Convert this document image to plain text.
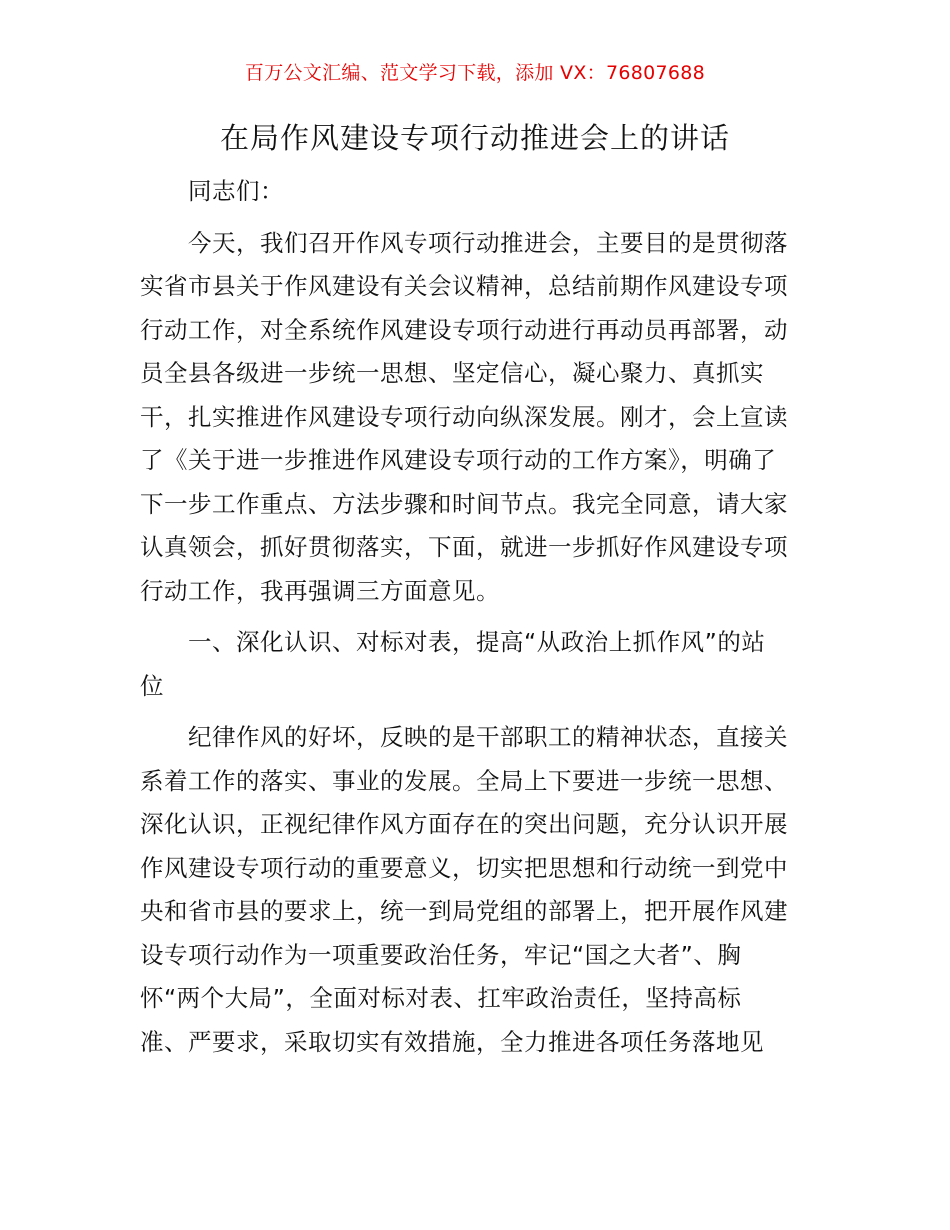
百万公文汇编、范文学习下载，添加 VX：76807688
在局作风建设专项行动推进会上的讲话
同志们：
今天，我们召开作风专项行动推进会，主要目的是贯彻落
实省市县关于作风建设有关会议精神，总结前期作风建设专项
行动工作，对全系统作风建设专项行动进行再动员再部署，动
员全县各级进一步统一思想、坚定信心，凝心聚力、真抓实
干，扎实推进作风建设专项行动向纵深发展。刚才，会上宣读
了《关于进一步推进作风建设专项行动的工作方案》，明确了
下一步工作重点、方法步骤和时间节点。我完全同意，请大家
认真领会，抓好贯彻落实，下面，就进一步抓好作风建设专项
行动工作，我再强调三方面意见。
一、深化认识、对标对表，提高“从政治上抓作风”的站
位
纪律作风的好坏，反映的是干部职工的精神状态，直接关
系着工作的落实、事业的发展。全局上下要进一步统一思想、
深化认识，正视纪律作风方面存在的突出问题，充分认识开展
作风建设专项行动的重要意义，切实把思想和行动统一到党中
央和省市县的要求上，统一到局党组的部署上，把开展作风建
设专项行动作为一项重要政治任务，牢记“国之大者”、胸
怀“两个大局”，全面对标对表、扛牢政治责任，坚持高标
准、严要求，采取切实有效措施，全力推进各项任务落地见
